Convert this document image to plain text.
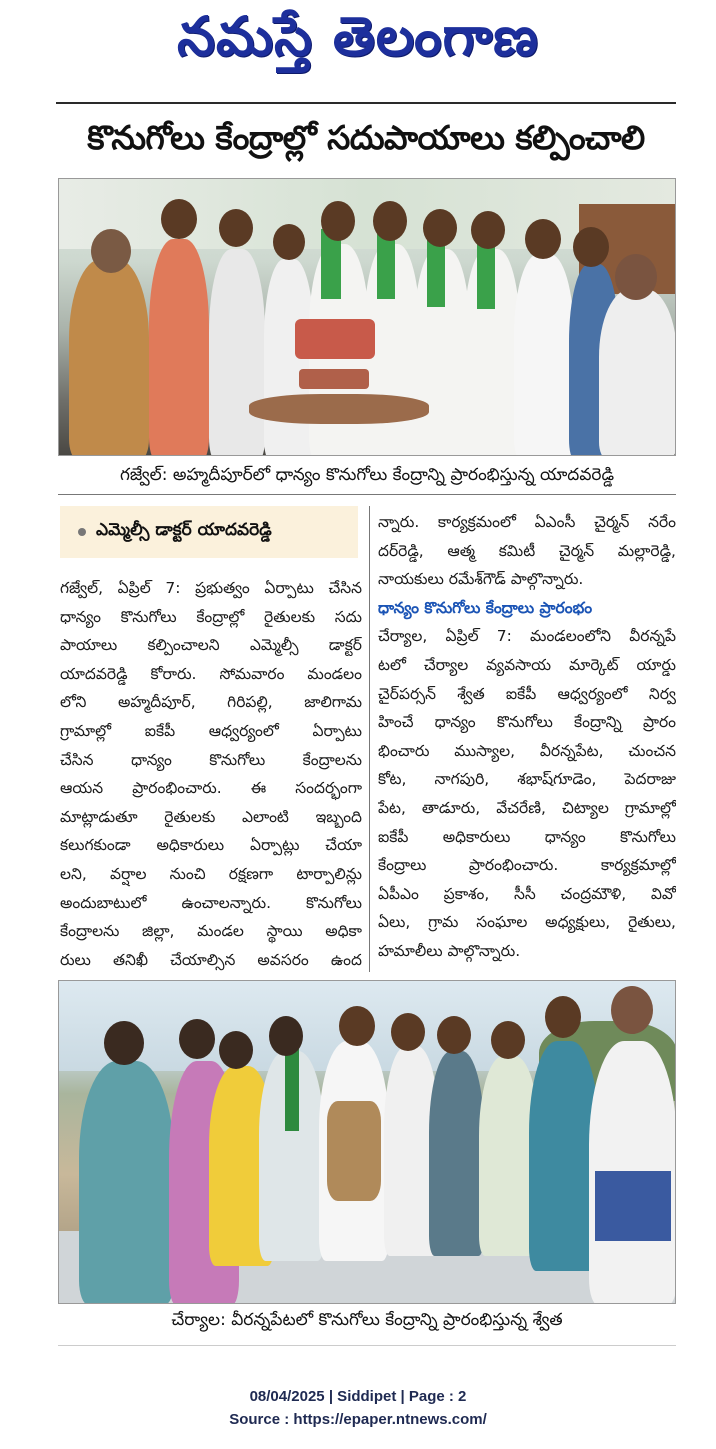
నమస్తే తెలంగాణ
కొనుగోలు కేంద్రాల్లో సదుపాయాలు కల్పించాలి
గజ్వేల్: అహ్మదీపూర్‌లో ధాన్యం కొనుగోలు కేంద్రాన్ని ప్రారంభిస్తున్న యాదవరెడ్డి
ఎమ్మెల్సీ డాక్టర్ యాదవరెడ్డి
గజ్వేల్, ఏప్రిల్ 7: ప్రభుత్వం ఏర్పాటు చేసిన
ధాన్యం కొనుగోలు కేంద్రాల్లో రైతులకు సదు
పాయాలు కల్పించాలని ఎమ్మెల్సీ డాక్టర్
యాదవరెడ్డి కోరారు. సోమవారం మండలం
లోని అహ్మదీపూర్, గిరిపల్లి, జాలిగామ
గ్రామాల్లో ఐకేపీ ఆధ్వర్యంలో ఏర్పాటు
చేసిన ధాన్యం కొనుగోలు కేంద్రాలను
ఆయన ప్రారంభించారు. ఈ సందర్భంగా
మాట్లాడుతూ రైతులకు ఎలాంటి ఇబ్బంది
కలుగకుండా అధికారులు ఏర్పాట్లు చేయా
లని, వర్షాల నుంచి రక్షణగా టార్పాలిన్లు
అందుబాటులో ఉంచాలన్నారు. కొనుగోలు
కేంద్రాలను జిల్లా, మండల స్థాయి అధికా
రులు తనిఖీ చేయాల్సిన అవసరం ఉంద
న్నారు. కార్యక్రమంలో ఏఎంసీ చైర్మన్ నరేం
దర్‌రెడ్డి, ఆత్మ కమిటీ చైర్మన్ మల్లారెడ్డి,
నాయకులు రమేశ్‌గౌడ్ పాల్గొన్నారు.
ధాన్యం కొనుగోలు కేంద్రాలు ప్రారంభం
చేర్యాల, ఏప్రిల్ 7: మండలంలోని వీరన్నపే
టలో చేర్యాల వ్యవసాయ మార్కెట్ యార్డు
చైర్‌పర్సన్ శ్వేత ఐకేపీ ఆధ్వర్యంలో నిర్వ
హించే ధాన్యం కొనుగోలు కేంద్రాన్ని ప్రారం
భించారు ముస్యాల, వీరన్నపేట, చుంచన
కోట, నాగపురి, శభాష్‌గూడెం, పెదరాజు
పేట, తాడూరు, వేచరేణి, చిట్యాల గ్రామాల్లో
ఐకేపీ అధికారులు ధాన్యం కొనుగోలు
కేంద్రాలు ప్రారంభించారు. కార్యక్రమాల్లో
ఏపీఎం ప్రకాశం, సీసీ చంద్రమౌళి, వివో
ఏలు, గ్రామ సంఘాల అధ్యక్షులు, రైతులు,
హమాలీలు పాల్గొన్నారు.
చేర్యాల: వీరన్నపేటలో కొనుగోలు కేంద్రాన్ని ప్రారంభిస్తున్న శ్వేత
08/04/2025 | Siddipet | Page : 2
Source : https://epaper.ntnews.com/
